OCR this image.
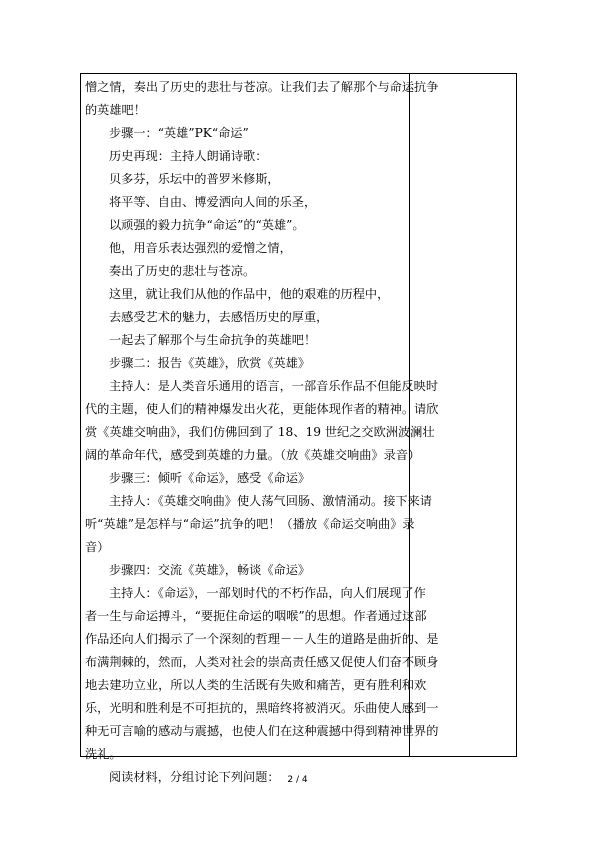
憎之情，奏出了历史的悲壮与苍凉。让我们去了解那个与命运抗争

的英雄吧！

步骤一：“英雄”PK“命运”

历史再现：主持人朗诵诗歌：

贝多芬，乐坛中的普罗米修斯，

将平等、自由、博爱洒向人间的乐圣，

以顽强的毅力抗争“命运”的“英雄”。

他，用音乐表达强烈的爱憎之情，

奏出了历史的悲壮与苍凉。

这里，就让我们从他的作品中，他的艰难的历程中，

去感受艺术的魅力，去感悟历史的厚重，

一起去了解那个与生命抗争的英雄吧！

步骤二：报告《英雄》，欣赏《英雄》

主持人：是人类音乐通用的语言，一部音乐作品不但能反映时

代的主题，使人们的精神爆发出火花，更能体现作者的精神。请欣

赏《英雄交响曲》，我们仿佛回到了 18、19 世纪之交欧洲波澜壮

阔的革命年代，感受到英雄的力量。（放《英雄交响曲》录音）

步骤三：倾听《命运》，感受《命运》

主持人：《英雄交响曲》使人荡气回肠、激情涌动。接下来请

听“英雄”是怎样与“命运”抗争的吧！（播放《命运交响曲》录

音）

步骤四：交流《英雄》，畅谈《命运》

主持人：《命运》，一部划时代的不朽作品，向人们展现了作

者一生与命运搏斗，“要扼住命运的咽喉”的思想。作者通过这部

作品还向人们揭示了一个深刻的哲理－－人生的道路是曲折的、是

布满荆棘的，然而，人类对社会的崇高责任感又促使人们奋不顾身

地去建功立业，所以人类的生活既有失败和痛苦，更有胜利和欢

乐，光明和胜利是不可拒抗的，黑暗终将被消灭。乐曲使人感到一

种无可言喻的感动与震撼，也使人们在这种震撼中得到精神世界的

洗礼。

阅读材料，分组讨论下列问题： 2 / 4
